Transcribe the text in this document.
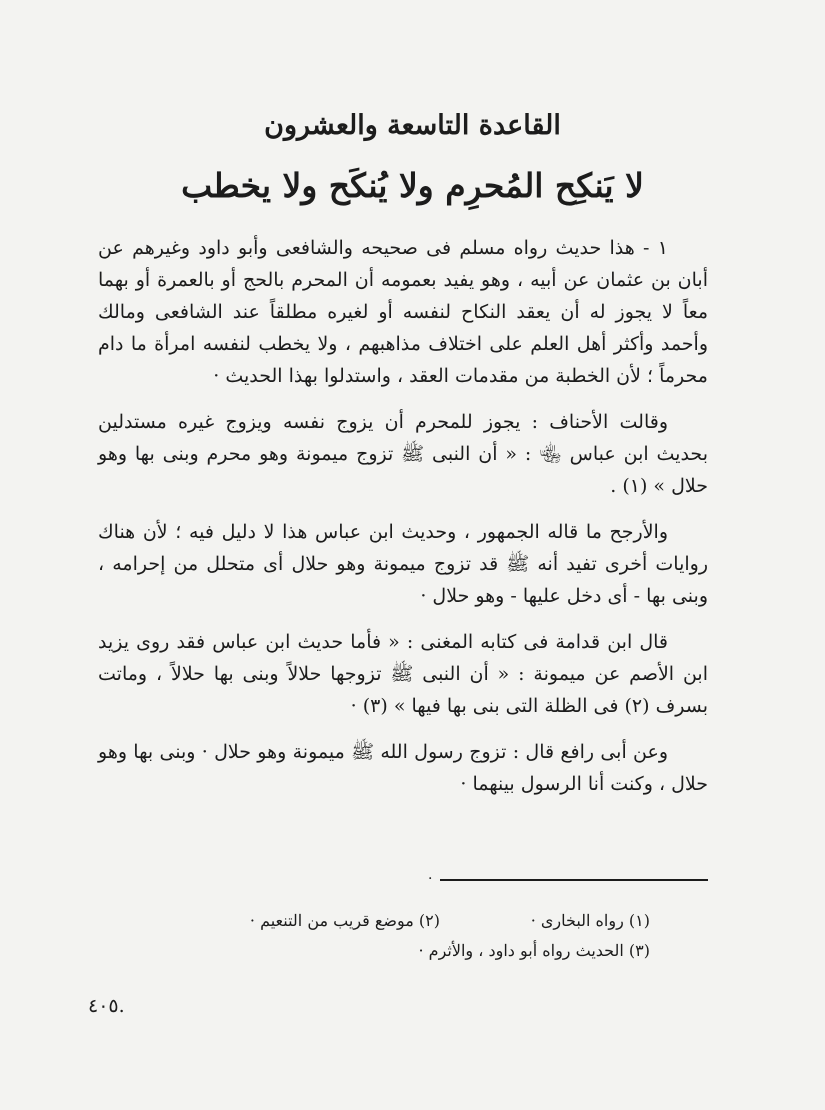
القاعدة التاسعة والعشرون
لا يَنكِح المُحرِم ولا يُنكَح ولا يخطب

١ - هذا حديث رواه مسلم فى صحيحه والشافعى وأبو داود وغيرهم عن أبان بن عثمان عن أبيه ، وهو يفيد بعمومه أن المحرم بالحج أو بالعمرة أو بهما معاً لا يجوز له أن يعقد النكاح لنفسه أو لغيره مطلقاً عند الشافعى ومالك وأحمد وأكثر أهل العلم على اختلاف مذاهبهم ، ولا يخطب لنفسه امرأة ما دام محرماً ؛ لأن الخطبة من مقدمات العقد ، واستدلوا بهذا الحديث ·

وقالت الأحناف : يجوز للمحرم أن يزوج نفسه ويزوج غيره مستدلين بحديث ابن عباس ﵄ : « أن النبى ﷺ تزوج ميمونة وهو محرم وبنى بها وهو حلال » (١) .

والأرجح ما قاله الجمهور ، وحديث ابن عباس هذا لا دليل فيه ؛ لأن هناك روايات أخرى تفيد أنه ﷺ قد تزوج ميمونة وهو حلال أى متحلل من إحرامه ، وبنى بها - أى دخل عليها - وهو حلال ·

قال ابن قدامة فى كتابه المغنى : « فأما حديث ابن عباس فقد روى يزيد ابن الأصم عن ميمونة : « أن النبى ﷺ تزوجها حلالاً وبنى بها حلالاً ، وماتت بسرف (٢) فى الظلة التى بنى بها فيها » (٣) ·

وعن أبى رافع قال : تزوج رسول الله ﷺ ميمونة وهو حلال · وبنى بها وهو حلال ، وكنت أنا الرسول بينهما ·

·
(١) رواه البخارى ·
(٢) موضع قريب من التنعيم ·
(٣) الحديث رواه أبو داود ، والأثرم ·
٤٠٥.
